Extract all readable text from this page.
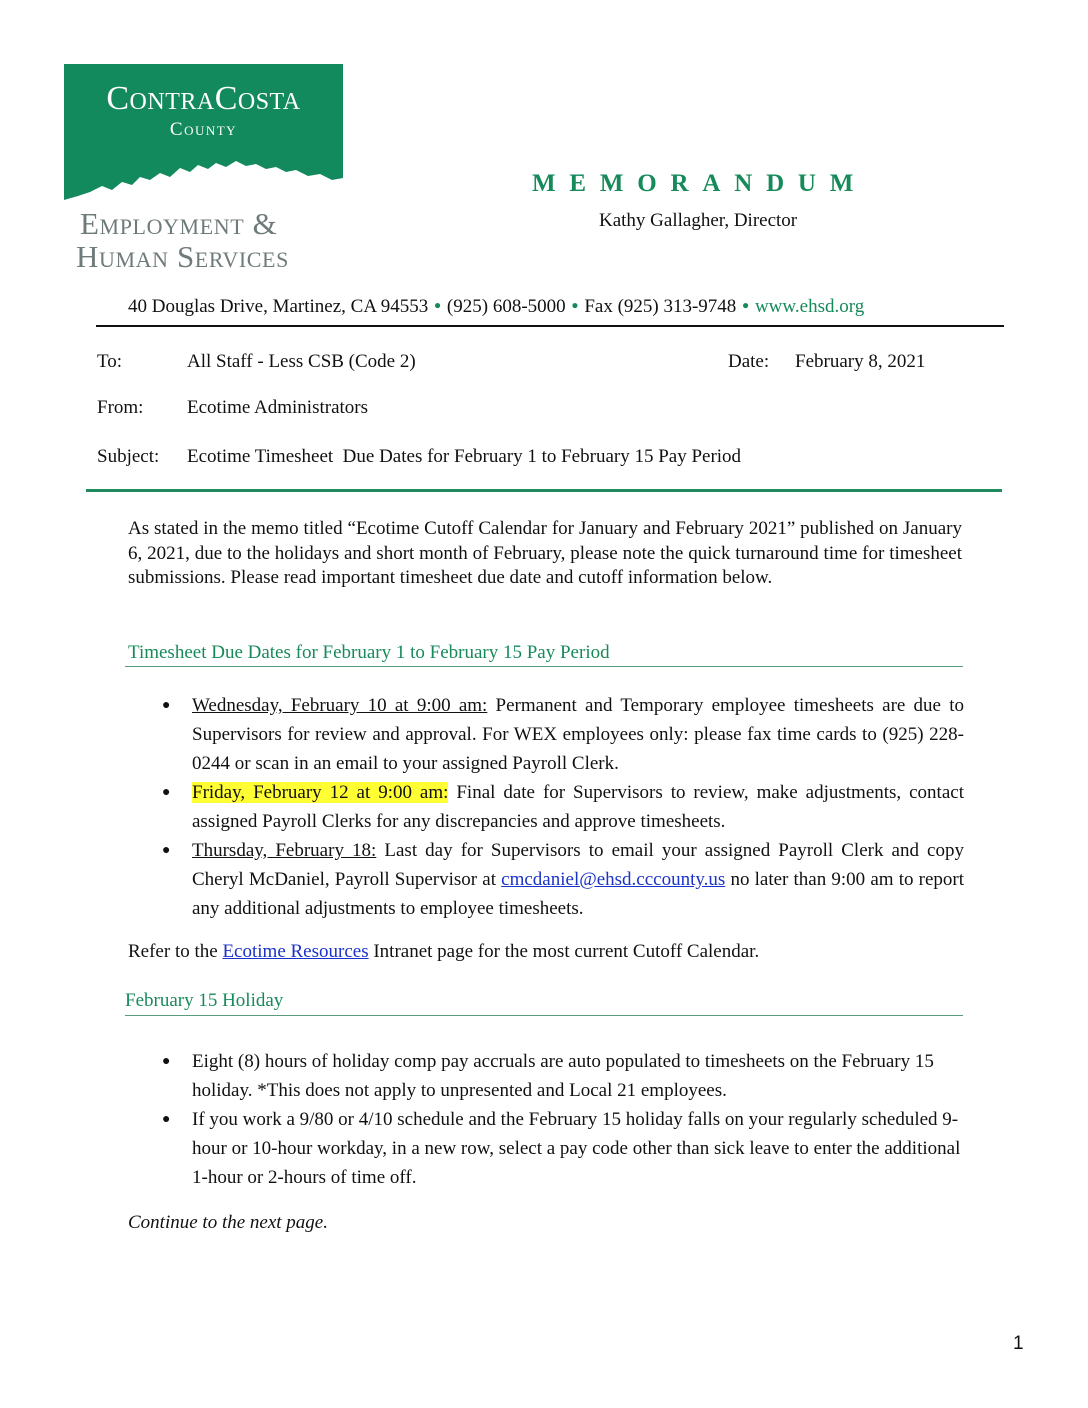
ContraCosta
County
Employment &
Human Services
MEMORANDUM
Kathy Gallagher, Director
40 Douglas Drive, Martinez, CA 94553 • (925) 608-5000 • Fax (925) 313-9748 • www.ehsd.org
To:	All Staff - Less CSB (Code 2)	Date: February 8, 2021
From: Ecotime Administrators
Subject: Ecotime Timesheet  Due Dates for February 1 to February 15 Pay Period
As stated in the memo titled “Ecotime Cutoff Calendar for January and February 2021” published on January 6, 2021, due to the holidays and short month of February, please note the quick turnaround time for timesheet submissions. Please read important timesheet due date and cutoff information below.
Timesheet Due Dates for February 1 to February 15 Pay Period
● Wednesday, February 10 at 9:00 am: Permanent and Temporary employee timesheets are due to Supervisors for review and approval. For WEX employees only: please fax time cards to (925) 228-0244 or scan in an email to your assigned Payroll Clerk.
● Friday, February 12 at 9:00 am: Final date for Supervisors to review, make adjustments, contact assigned Payroll Clerks for any discrepancies and approve timesheets.
● Thursday, February 18: Last day for Supervisors to email your assigned Payroll Clerk and copy Cheryl McDaniel, Payroll Supervisor at cmcdaniel@ehsd.cccounty.us no later than 9:00 am to report any additional adjustments to employee timesheets.
Refer to the Ecotime Resources Intranet page for the most current Cutoff Calendar.
February 15 Holiday
● Eight (8) hours of holiday comp pay accruals are auto populated to timesheets on the February 15 holiday. *This does not apply to unpresented and Local 21 employees.
● If you work a 9/80 or 4/10 schedule and the February 15 holiday falls on your regularly scheduled 9-hour or 10-hour workday, in a new row, select a pay code other than sick leave to enter the additional 1-hour or 2-hours of time off.
Continue to the next page.
1
